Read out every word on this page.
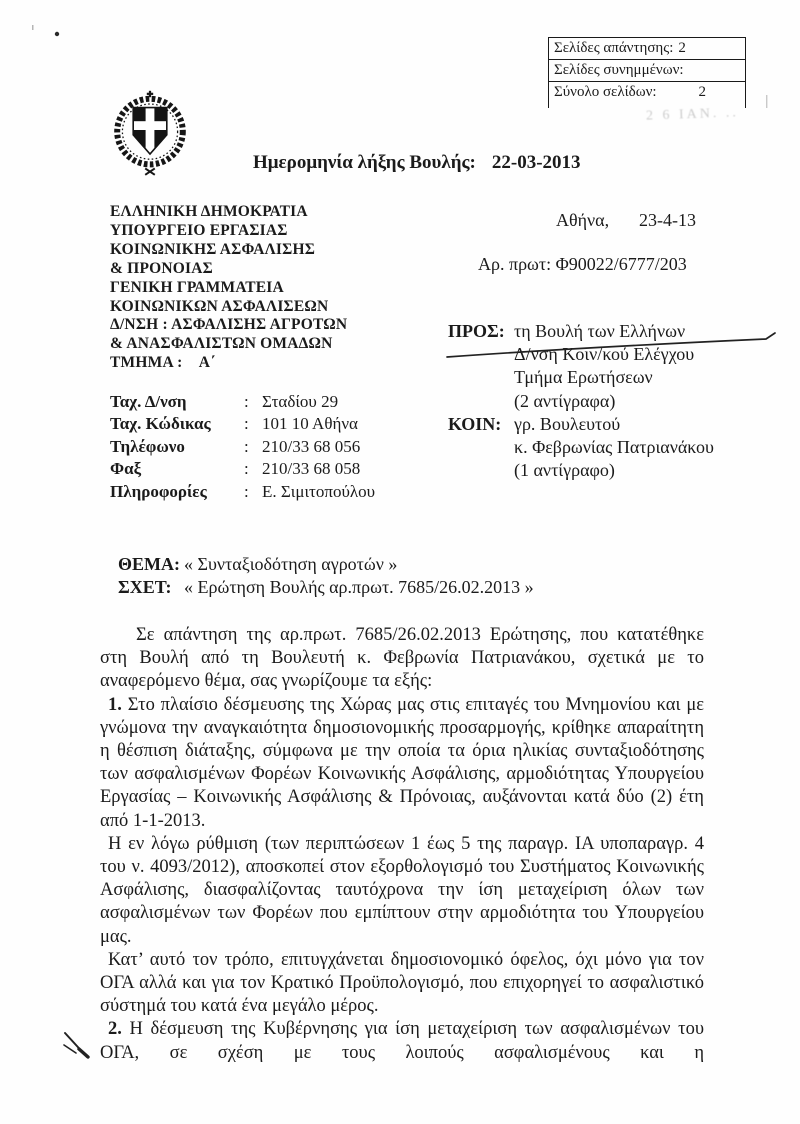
Σελίδες απάντησης: 2
Σελίδες συνημμένων:
Σύνολο σελίδων:	2
2 6 ΙΑΝ. ..
Ημερομηνία λήξης Βουλής: 22-03-2013
ΕΛΛΗΝΙΚΗ ΔΗΜΟΚΡΑΤΙΑ
ΥΠΟΥΡΓΕΙΟ ΕΡΓΑΣΙΑΣ
ΚΟΙΝΩΝΙΚΗΣ ΑΣΦΑΛΙΣΗΣ
& ΠΡΟΝΟΙΑΣ
ΓΕΝΙΚΗ ΓΡΑΜΜΑΤΕΙΑ
ΚΟΙΝΩΝΙΚΩΝ ΑΣΦΑΛΙΣΕΩΝ
Δ/ΝΣΗ : ΑΣΦΑΛΙΣΗΣ ΑΓΡΟΤΩΝ
& ΑΝΑΣΦΑΛΙΣΤΩΝ ΟΜΑΔΩΝ
ΤΜΗΜΑ :    Α΄
Αθήνα, 23-4-13
Αρ. πρωτ: Φ90022/6777/203
ΠΡΟΣ: τη Βουλή των Ελλήνων
Δ/νση Κοιν/κού Ελέγχου
Τμήμα Ερωτήσεων
(2 αντίγραφα)
ΚΟΙΝ: γρ. Βουλευτού
κ. Φεβρωνίας Πατριανάκου
(1 αντίγραφο)
Ταχ. Δ/νση	: Σταδίου 29
Ταχ. Κώδικας	: 101 10 Αθήνα
Τηλέφωνο	: 210/33 68 056
Φαξ	: 210/33 68 058
Πληροφορίες	: Ε. Σιμιτοπούλου
ΘΕΜΑ: « Συνταξιοδότηση αγροτών »
ΣΧΕΤ: « Ερώτηση Βουλής αρ.πρωτ. 7685/26.02.2013 »

Σε απάντηση της αρ.πρωτ. 7685/26.02.2013 Ερώτησης, που κατατέθηκε στη Βουλή από τη Βουλευτή κ. Φεβρωνία Πατριανάκου, σχετικά με το αναφερόμενο θέμα, σας γνωρίζουμε τα εξής:

1. Στο πλαίσιο δέσμευσης της Χώρας μας στις επιταγές του Μνημονίου και με γνώμονα την αναγκαιότητα δημοσιονομικής προσαρμογής, κρίθηκε απαραίτητη η θέσπιση διάταξης, σύμφωνα με την οποία τα όρια ηλικίας συνταξιοδότησης των ασφαλισμένων Φορέων Κοινωνικής Ασφάλισης, αρμοδιότητας Υπουργείου Εργασίας – Κοινωνικής Ασφάλισης & Πρόνοιας, αυξάνονται κατά δύο (2) έτη από 1-1-2013.

Η εν λόγω ρύθμιση (των περιπτώσεων 1 έως 5 της παραγρ. ΙΑ υποπαραγρ. 4 του ν. 4093/2012), αποσκοπεί στον εξορθολογισμό του Συστήματος Κοινωνικής Ασφάλισης, διασφαλίζοντας ταυτόχρονα την ίση μεταχείριση όλων των ασφαλισμένων των Φορέων που εμπίπτουν στην αρμοδιότητα του Υπουργείου μας.

Κατ’ αυτό τον τρόπο, επιτυγχάνεται δημοσιονομικό όφελος, όχι μόνο για τον ΟΓΑ αλλά και για τον Κρατικό Προϋπολογισμό, που επιχορηγεί το ασφαλιστικό σύστημά του κατά ένα μεγάλο μέρος.

2. Η δέσμευση της Κυβέρνησης για ίση μεταχείριση των ασφαλισμένων του ΟΓΑ, σε σχέση με τους λοιπούς ασφαλισμένους και η
